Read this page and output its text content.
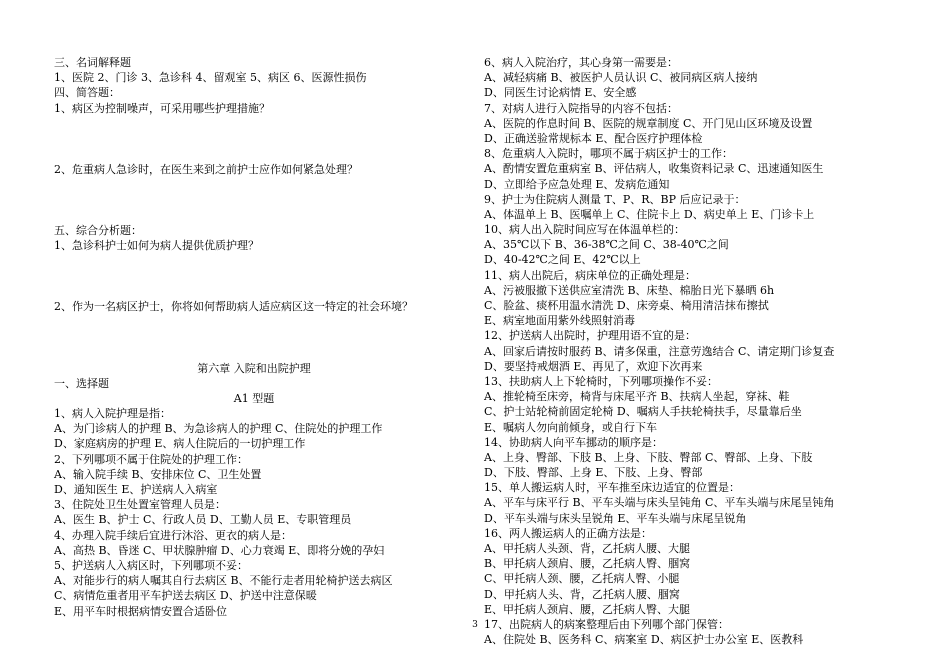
三、名词解释题
1、医院 2、门诊 3、急诊科 4、留观室 5、病区 6、医源性损伤
四、简答题：
1、病区为控制噪声，可采用哪些护理措施？
2、危重病人急诊时，在医生来到之前护士应作如何紧急处理？
五、综合分析题：
1、急诊科护士如何为病人提供优质护理？
2、作为一名病区护士，你将如何帮助病人适应病区这一特定的社会环境？
第六章 入院和出院护理
一、选择题
A1 型题
1、病人入院护理是指：
A、为门诊病人的护理 B、为急诊病人的护理 C、住院处的护理工作
D、家庭病房的护理 E、病人住院后的一切护理工作
2、下列哪项不属于住院处的护理工作：
A、输入院手续 B、安排床位 C、卫生处置
D、通知医生 E、护送病人入病室
3、住院处卫生处置室管理人员是：
A、医生 B、护士 C、行政人员 D、工勤人员 E、专职管理员
4、办理入院手续后宜进行沐浴、更衣的病人是：
A、高热 B、昏迷 C、甲状腺肿瘤 D、心力衰竭 E、即将分娩的孕妇
5、护送病人入病区时，下列哪项不妥：
A、对能步行的病人嘱其自行去病区 B、不能行走者用轮椅护送去病区
C、病情危重者用平车护送去病区 D、护送中注意保暖
E、用平车时根据病情安置合适卧位
6、病人入院治疗，其心身第一需要是：
A、减轻病痛 B、被医护人员认识 C、被同病区病人接纳
D、同医生讨论病情 E、安全感
7、对病人进行入院指导的内容不包括：
A、医院的作息时间 B、医院的规章制度 C、开门见山区环境及设置
D、正确送验常规标本 E、配合医疗护理体检
8、危重病人入院时，哪项不属于病区护士的工作：
A、酌情安置危重病室 B、评估病人，收集资料记录 C、迅速通知医生
D、立即给予应急处理 E、发病危通知
9、护士为住院病人测量 T、P、R、BP 后应记录于：
A、体温单上 B、医嘱单上 C、住院卡上 D、病史单上 E、门诊卡上
10、病人出入院时间应写在体温单栏的：
A、35℃以下 B、36-38℃之间 C、38-40℃之间
D、40-42℃之间 E、42℃以上
11、病人出院后，病床单位的正确处理是：
A、污被服撤下送供应室清洗 B、床垫、棉胎日光下暴晒 6h
C、脸盆、痰杯用温水清洗 D、床旁桌、椅用清洁抹布擦拭
E、病室地面用紫外线照射消毒
12、护送病人出院时，护理用语不宜的是：
A、回家后请按时服药 B、请多保重，注意劳逸结合 C、请定期门诊复查
D、要坚持戒烟酒 E、再见了，欢迎下次再来
13、扶助病人上下轮椅时，下列哪项操作不妥：
A、推轮椅至床旁，椅背与床尾平齐 B、扶病人坐起，穿袜、鞋
C、护士站轮椅前固定轮椅 D、嘱病人手扶轮椅扶手，尽量靠后坐
E、嘱病人勿向前倾身，或自行下车
14、协助病人向平车挪动的顺序是：
A、上身、臀部、下肢 B、上身、下肢、臀部 C、臀部、上身、下肢
D、下肢、臀部、上身 E、下肢、上身、臀部
15、单人搬运病人时，平车推至床边适宜的位置是：
A、平车与床平行 B、平车头端与床头呈钝角 C、平车头端与床尾呈钝角
D、平车头端与床头呈锐角 E、平车头端与床尾呈锐角
16、两人搬运病人的正确方法是：
A、甲托病人头颈、背，乙托病人腰、大腿
B、甲托病人颈肩、腰，乙托病人臀、腘窝
C、甲托病人颈、腰，乙托病人臀、小腿
D、甲托病人头、背，乙托病人腰、腘窝
E、甲托病人颈肩、腰，乙托病人臀、大腿
17、出院病人的病案整理后由下列哪个部门保管：
A、住院处 B、医务科 C、病案室 D、病区护士办公室 E、医教科
3
